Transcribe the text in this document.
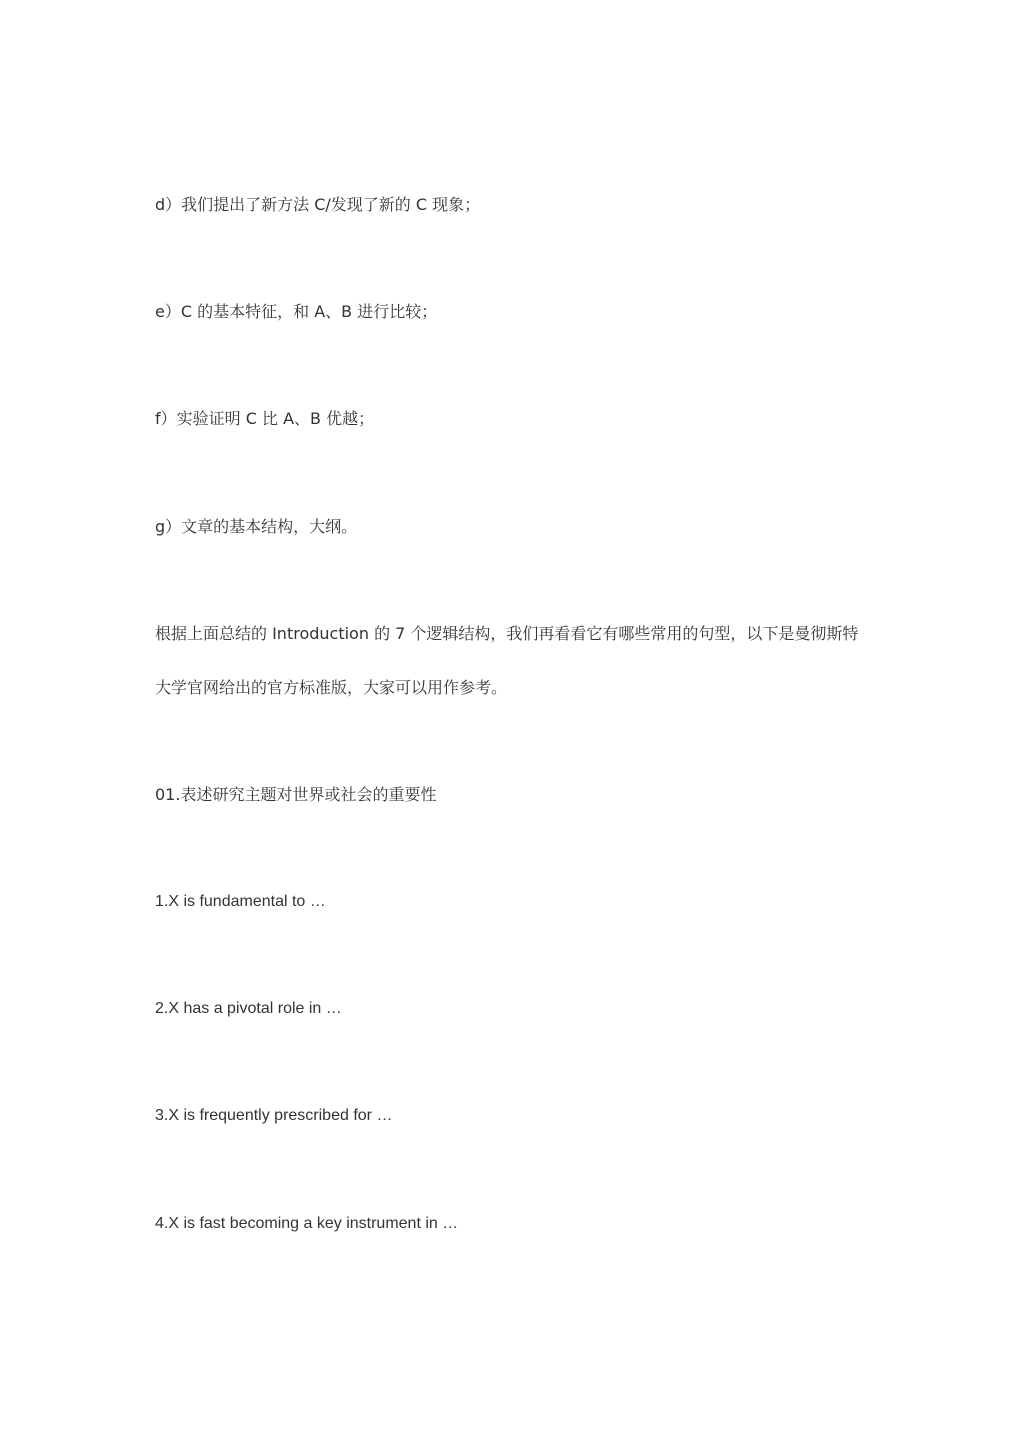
d）我们提出了新方法 C/发现了新的 C 现象；
e）C 的基本特征，和 A、B 进行比较；
f）实验证明 C 比 A、B 优越；
g）文章的基本结构，大纲。
根据上面总结的 Introduction 的 7 个逻辑结构，我们再看看它有哪些常用的句型，以下是曼彻斯特
大学官网给出的官方标准版，大家可以用作参考。
01.表述研究主题对世界或社会的重要性
1.X is fundamental to …
2.X has a pivotal role in …
3.X is frequently prescribed for …
4.X is fast becoming a key instrument in …
